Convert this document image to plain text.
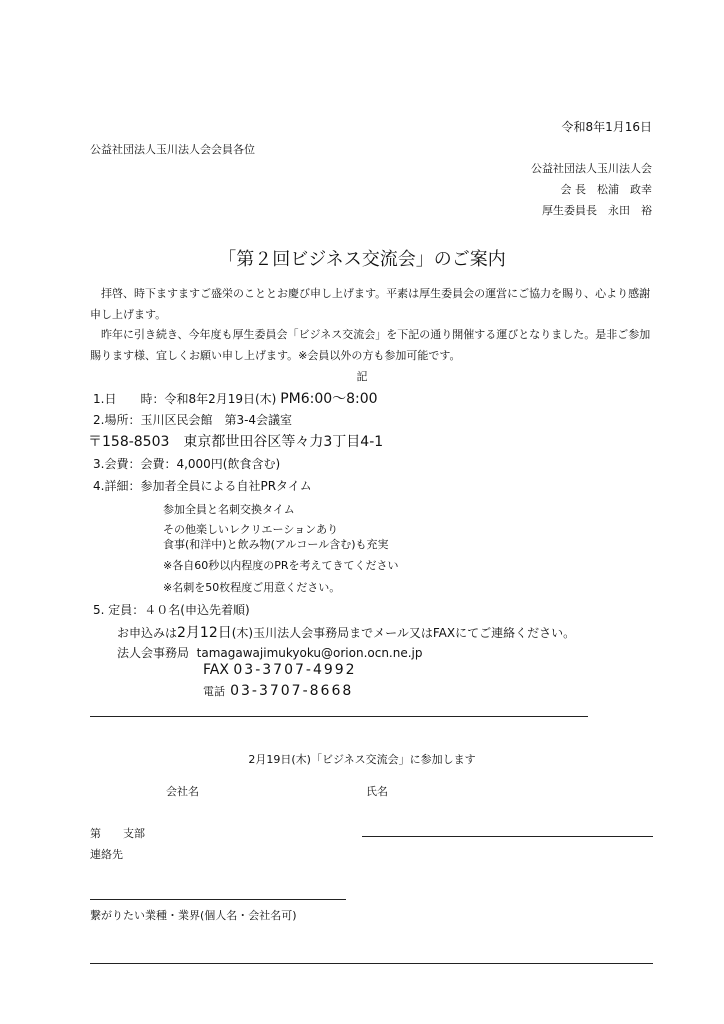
令和8年1月16日
公益社団法人玉川法人会会員各位
公益社団法人玉川法人会
会 長　松浦　政幸
厚生委員長　永田　裕
「第２回ビジネス交流会」のご案内
拝啓、時下ますますご盛栄のこととお慶び申し上げます。平素は厚生委員会の運営にご協力を賜り、心より感謝申し上げます。
昨年に引き続き、今年度も厚生委員会「ビジネス交流会」を下記の通り開催する運びとなりました。是非ご参加賜ります様、宜しくお願い申し上げます。※会員以外の方も参加可能です。
記
1.日　　時：令和8年2月19日(木) PM6:00～8:00
2.場所：玉川区民会館　第3-4会議室
〒158-8503　東京都世田谷区等々力3丁目4-1
3.会費：会費：4,000円(飲食含む)
4.詳細：参加者全員による自社PRタイム
参加全員と名刺交換タイム
その他楽しいレクリエーションあり
食事(和洋中)と飲み物(アルコール含む)も充実
※各自60秒以内程度のPRを考えてきてください
※名刺を50枚程度ご用意ください。
5. 定員：４０名(申込先着順)
お申込みは2月12日(木)玉川法人会事務局までメール又はFAXにてご連絡ください。
法人会事務局 tamagawajimukyoku@orion.ocn.ne.jp
FAX 03-3707-4992
電話 03-3707-8668
2月19日(木)「ビジネス交流会」に参加します
会社名	氏名
第　　支部
連絡先
繋がりたい業種・業界(個人名・会社名可)
